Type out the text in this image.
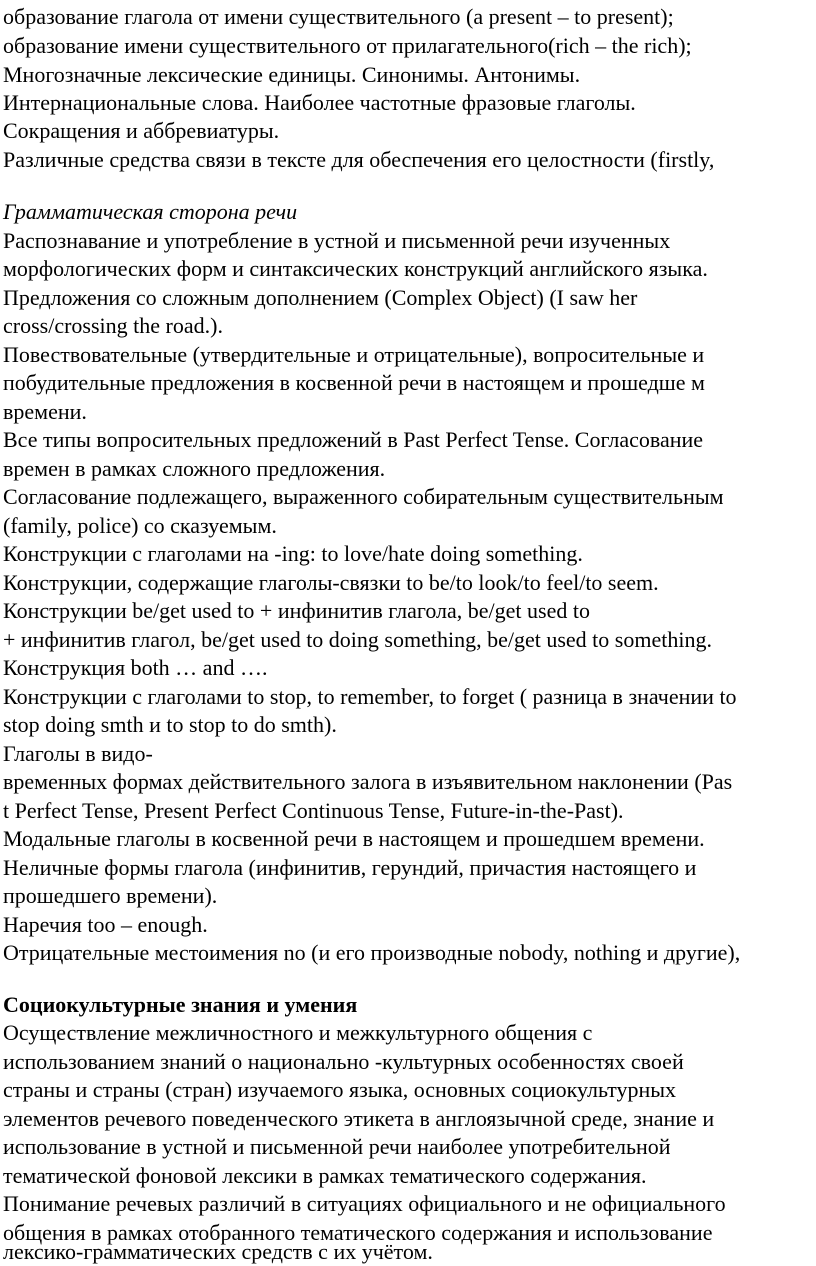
образование глагола от имени существительного (a present – to present);
образование имени существительного от прилагательного(rich – the rich);
Многозначные лексические единицы. Синонимы. Антонимы.
Интернациональные слова. Наиболее частотные фразовые глаголы.
Сокращения и аббревиатуры.
Различные средства связи в тексте для обеспечения его целостности (firstly,
Грамматическая сторона речи
Распознавание и употребление в устной и письменной речи изученных
морфологических форм и синтаксических конструкций английского языка.
Предложения со сложным дополнением (Complex Object) (I saw her
cross/crossing the road.).
Повествовательные (утвердительные и отрицательные), вопросительные и
побудительные предложения в косвенной речи в настоящем и прошедше м
времени.
Все типы вопросительных предложений в Past Perfect Tense. Согласование
времен в рамках сложного предложения.
Согласование подлежащего, выраженного собирательным существительным
(family, police) со сказуемым.
Конструкции с глаголами на -ing: to love/hate doing something.
Конструкции, содержащие глаголы-связки to be/to look/to feel/to seem.
Конструкции be/get used to + инфинитив глагола, be/get used to
+ инфинитив глагол, be/get used to doing something, be/get used to something.
Конструкция both … and ….
Конструкции с глаголами to stop, to remember, to forget ( разница в значении to
stop doing smth и to stop to do smth).
Глаголы в видо-
временных формах действительного залога в изъявительном наклонении (Pas
t Perfect Tense, Present Perfect Continuous Tense, Future-in-the-Past).
Модальные глаголы в косвенной речи в настоящем и прошедшем времени.
Неличные формы глагола (инфинитив, герундий, причастия настоящего и
прошедшего времени).
Наречия too – enough.
Отрицательные местоимения no (и его производные nobody, nothing и другие),
Социокультурные знания и умения
Осуществление межличностного и межкультурного общения с
использованием знаний о национально -культурных особенностях своей
страны и страны (стран) изучаемого языка, основных социокультурных
элементов речевого поведенческого этикета в англоязычной среде, знание и
использование в устной и письменной речи наиболее употребительной
тематической фоновой лексики в рамках тематического содержания.
Понимание речевых различий в ситуациях официального и не официального
общения в рамках отобранного тематического содержания и использование
лексико-грамматических средств с их учётом.
